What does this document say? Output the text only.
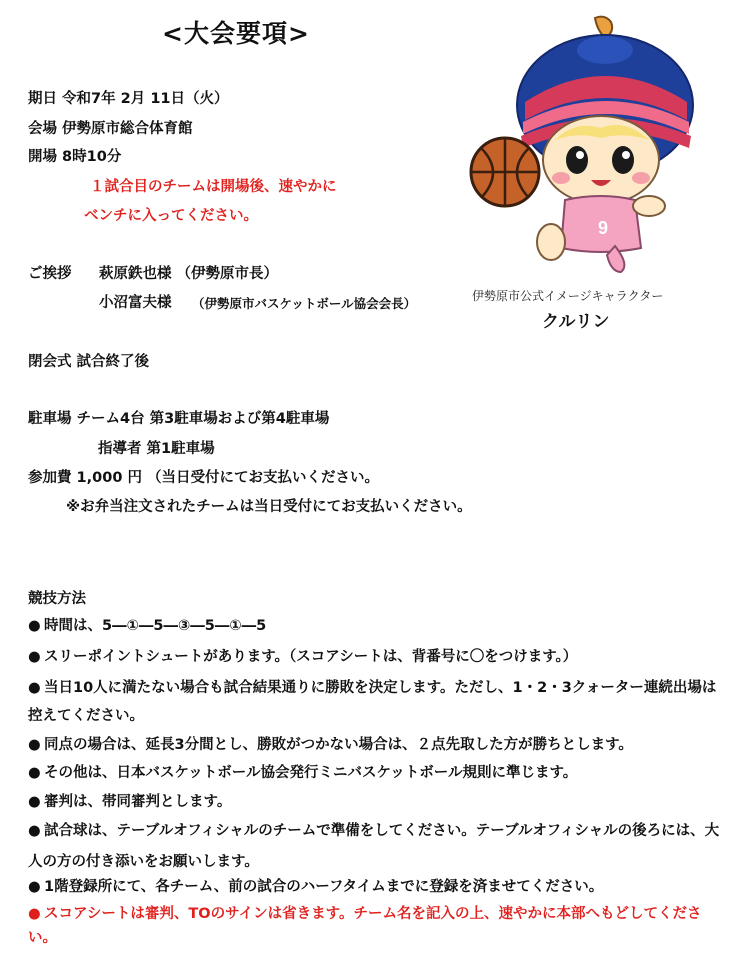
<大会要項>
期日 令和7年 2月 11日（火）
会場 伊勢原市総合体育館
開場 8時10分
１試合目のチームは開場後、速やかに
ベンチに入ってください。
ご挨拶 萩原鉄也様 （伊勢原市長）
小沼富夫様 （伊勢原市バスケットボール協会会長）
閉会式 試合終了後
駐車場 チーム4台 第3駐車場および第4駐車場
指導者 第1駐車場
参加費 1,000 円 （当日受付にてお支払いください。
※お弁当注文されたチームは当日受付にてお支払いください。
9
伊勢原市公式イメージキャラクター
クルリン
競技方法
● 時間は、5―①―5―③―5―①―5
● スリーポイントシュートがあります。（スコアシートは、背番号に〇をつけます。）
● 当日10人に満たない場合も試合結果通りに勝敗を決定します。ただし、1・2・3クォーター連続出場は控えてください。
● 同点の場合は、延長3分間とし、勝敗がつかない場合は、２点先取した方が勝ちとします。
● その他は、日本バスケットボール協会発行ミニバスケットボール規則に準じます。
● 審判は、帯同審判とします。
● 試合球は、テーブルオフィシャルのチームで準備をしてください。テーブルオフィシャルの後ろには、大人の方の付き添いをお願いします。
● 1階登録所にて、各チーム、前の試合のハーフタイムまでに登録を済ませてください。
● スコアシートは審判、TOのサインは省きます。チーム名を記入の上、速やかに本部へもどしてください。
